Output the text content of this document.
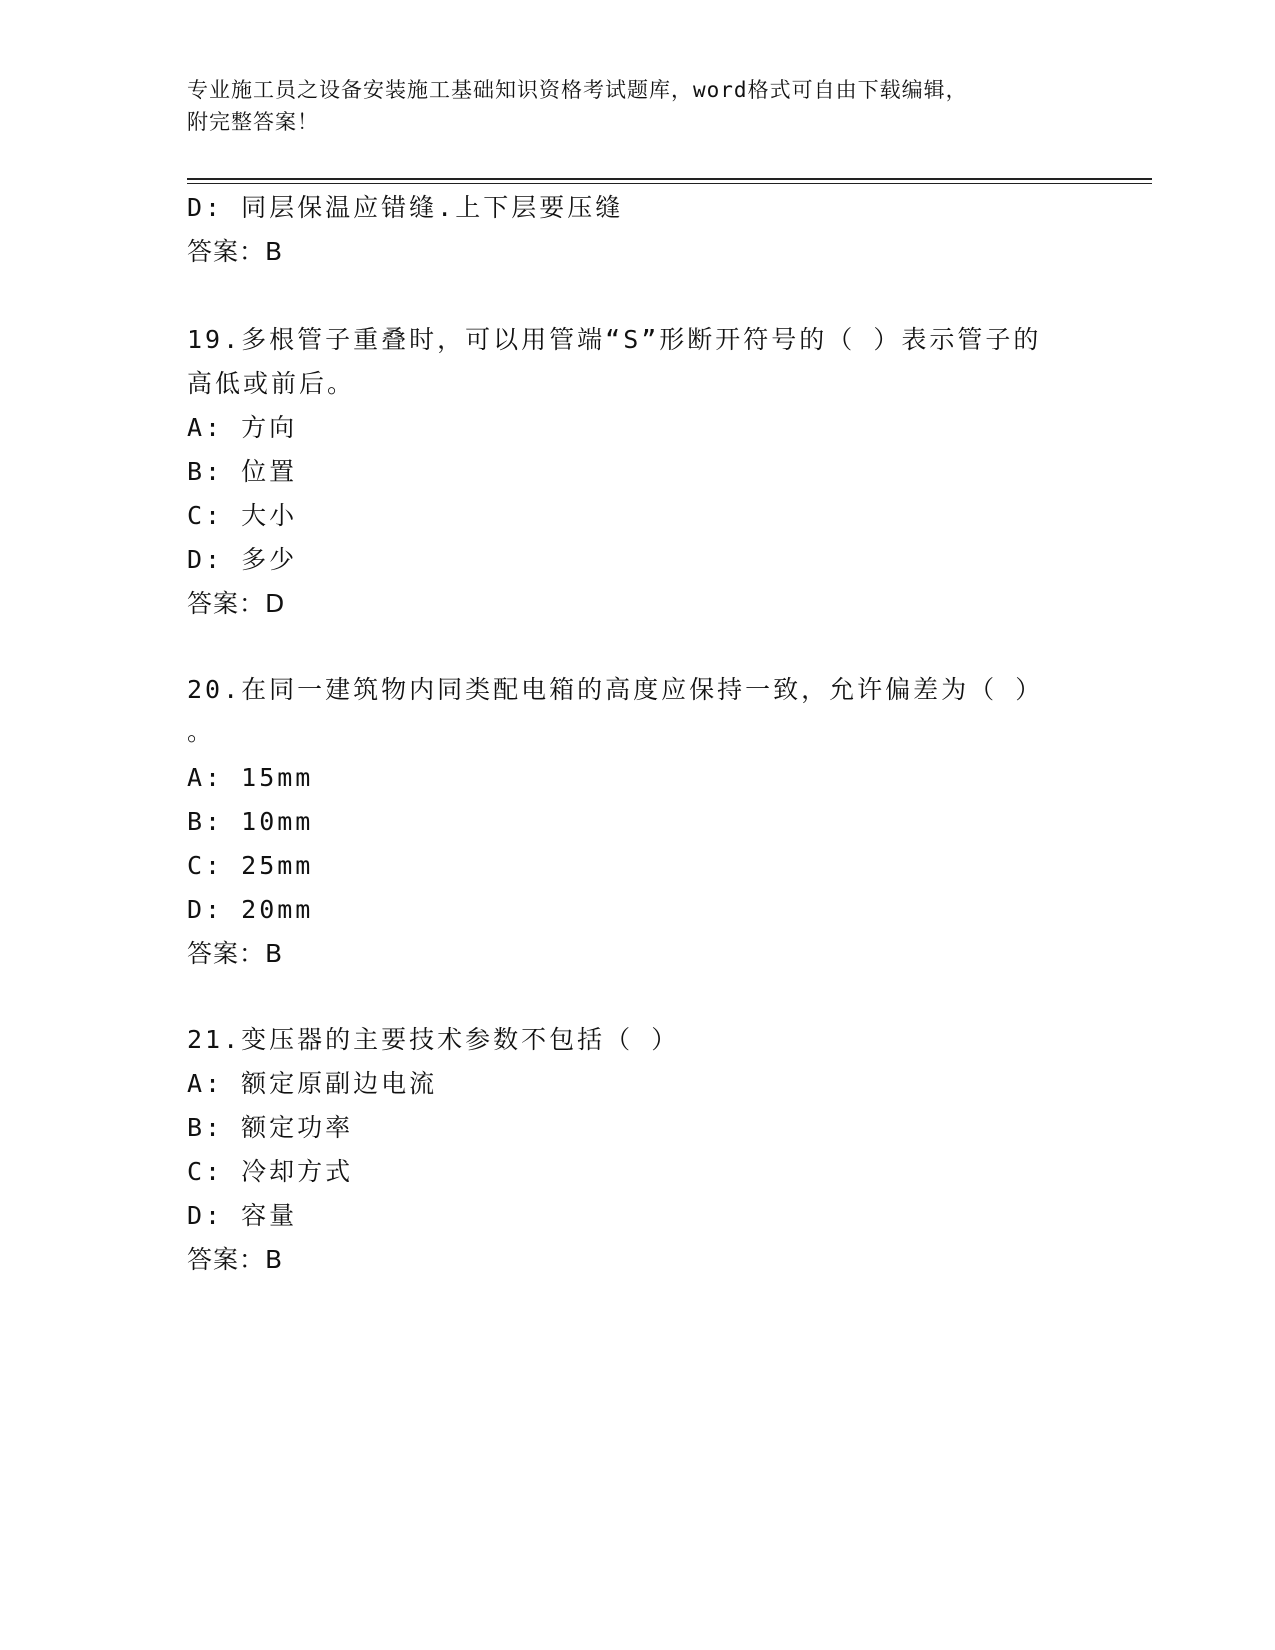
专业施工员之设备安装施工基础知识资格考试题库，word格式可自由下载编辑，
附完整答案！
D: 同层保温应错缝.上下层要压缝
答案：B
19.多根管子重叠时，可以用管端“S”形断开符号的（ ）表示管子的
高低或前后。
A: 方向
B: 位置
C: 大小
D: 多少
答案：D
20.在同一建筑物内同类配电箱的高度应保持一致，允许偏差为（ ）
。
A: 15mm
B: 10mm
C: 25mm
D: 20mm
答案：B
21.变压器的主要技术参数不包括（ ）
A: 额定原副边电流
B: 额定功率
C: 冷却方式
D: 容量
答案：B
